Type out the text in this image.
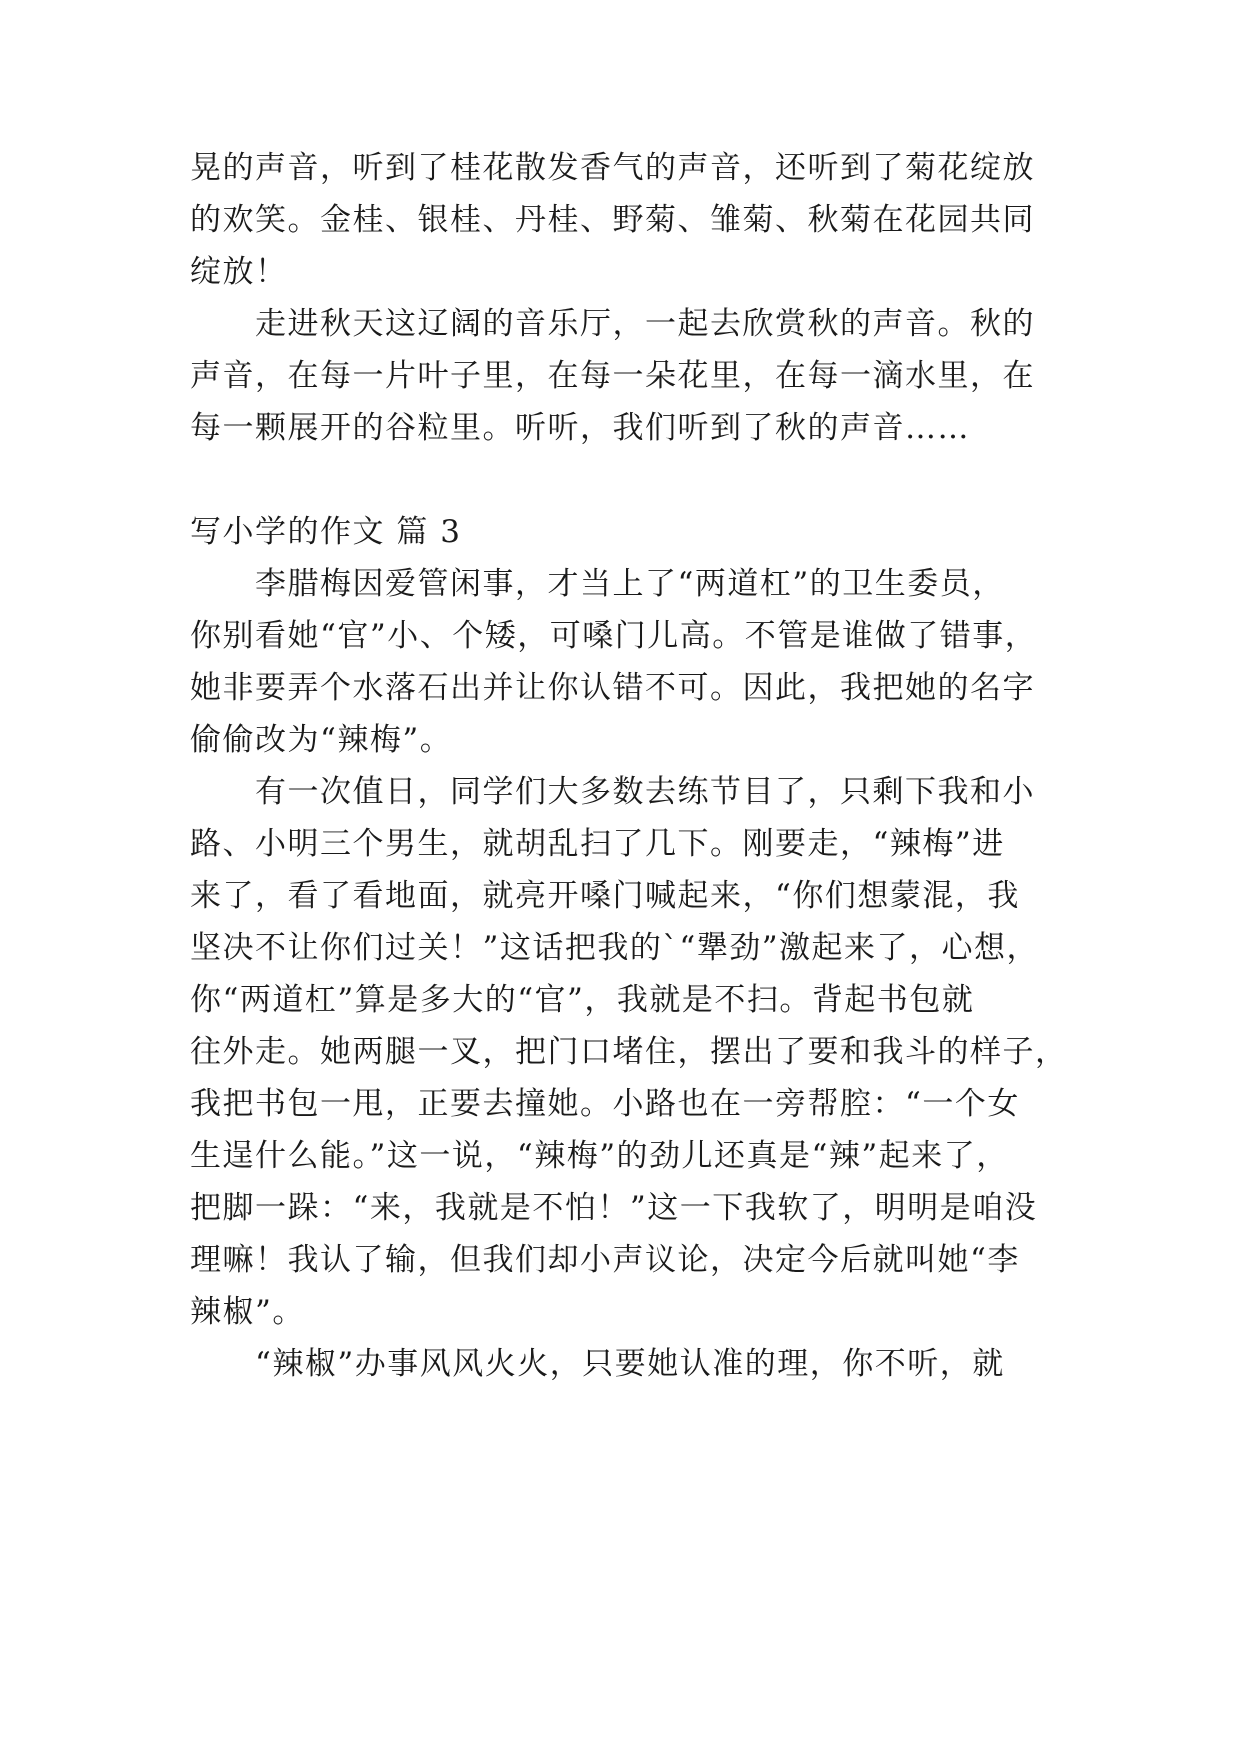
晃的声音，听到了桂花散发香气的声音，还听到了菊花绽放
的欢笑。金桂、银桂、丹桂、野菊、雏菊、秋菊在花园共同
绽放！
走进秋天这辽阔的音乐厅，一起去欣赏秋的声音。秋的
声音，在每一片叶子里，在每一朵花里，在每一滴水里，在
每一颗展开的谷粒里。听听，我们听到了秋的声音……
写小学的作文 篇 3
李腊梅因爱管闲事，才当上了“两道杠”的卫生委员，
你别看她“官”小、个矮，可嗓门儿高。不管是谁做了错事，
她非要弄个水落石出并让你认错不可。因此，我把她的名字
偷偷改为“辣梅”。
有一次值日，同学们大多数去练节目了，只剩下我和小
路、小明三个男生，就胡乱扫了几下。刚要走，“辣梅”进
来了，看了看地面，就亮开嗓门喊起来，“你们想蒙混，我
坚决不让你们过关！”这话把我的`“犟劲”激起来了，心想，
你“两道杠”算是多大的“官”，我就是不扫。背起书包就
往外走。她两腿一叉，把门口堵住，摆出了要和我斗的样子，
我把书包一甩，正要去撞她。小路也在一旁帮腔：“一个女
生逞什么能。”这一说，“辣梅”的劲儿还真是“辣”起来了，
把脚一跺：“来，我就是不怕！”这一下我软了，明明是咱没
理嘛！我认了输，但我们却小声议论，决定今后就叫她“李
辣椒”。
“辣椒”办事风风火火，只要她认准的理，你不听，就
